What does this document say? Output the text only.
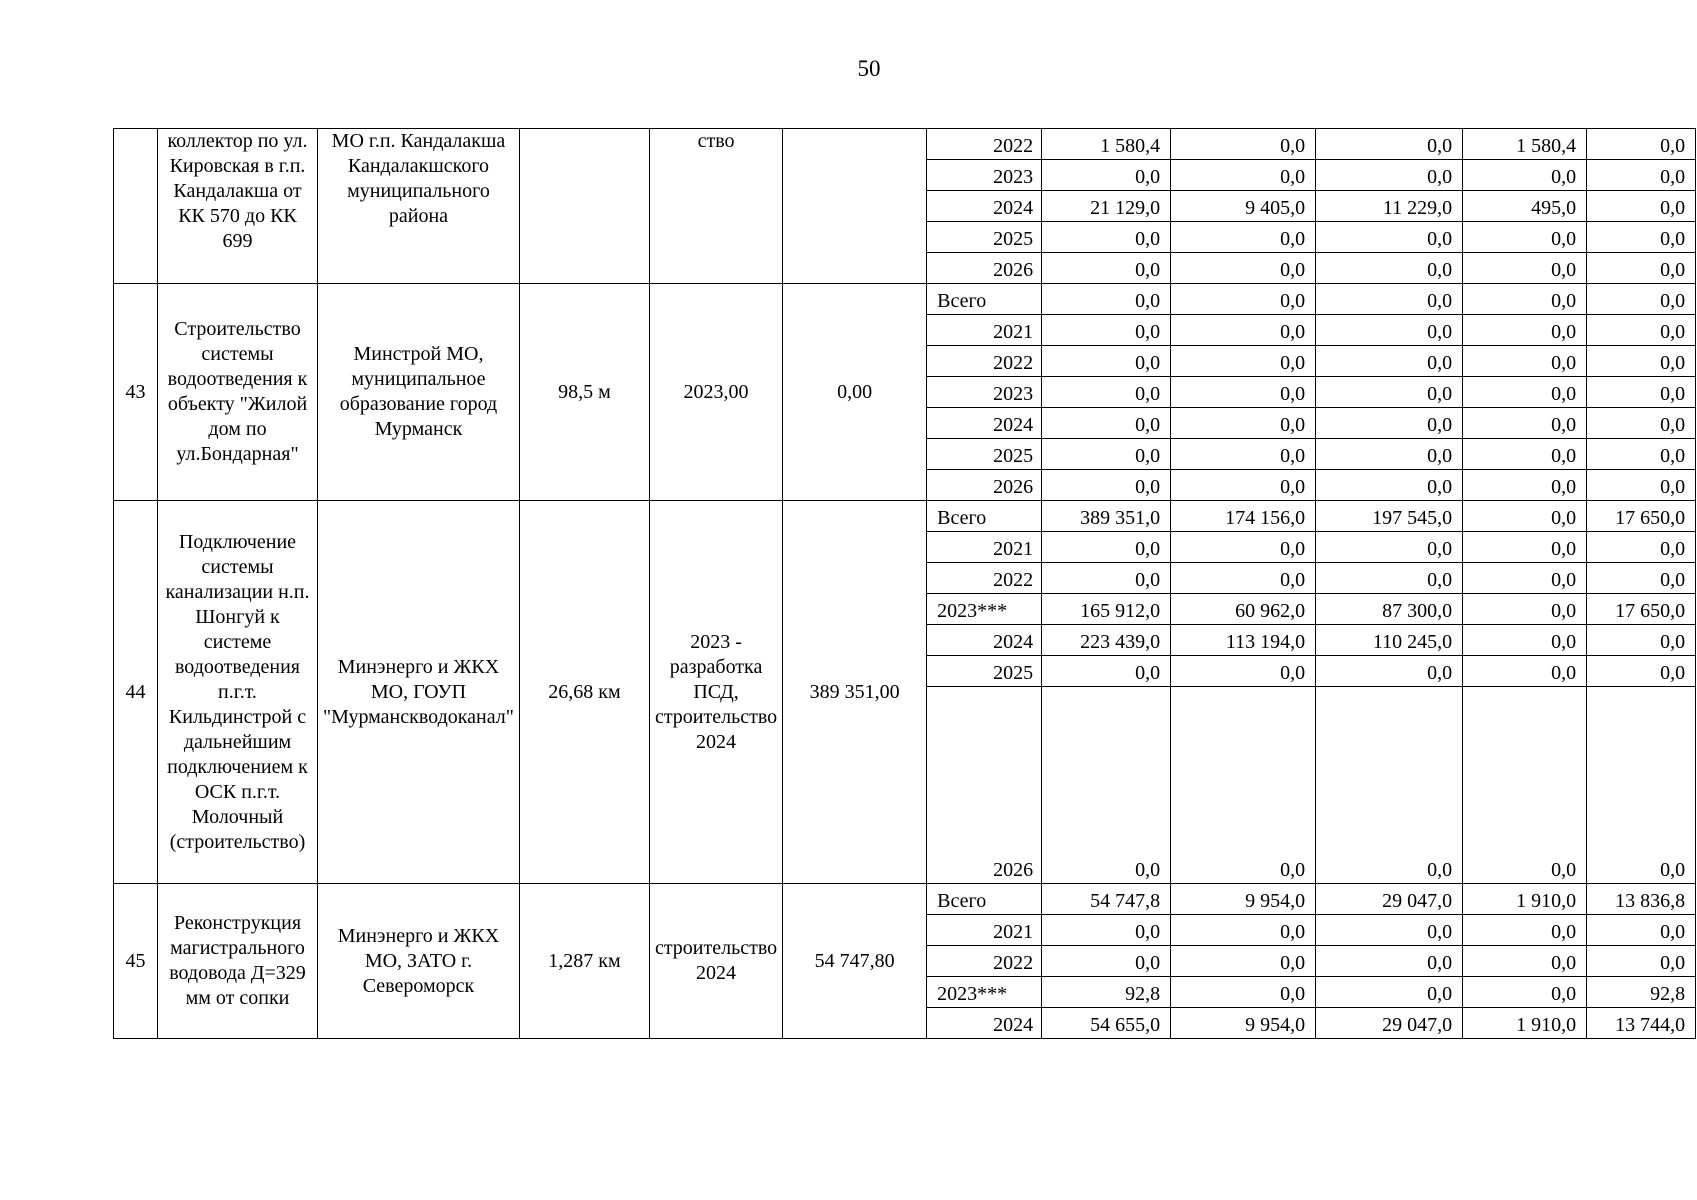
50
	коллектор по ул. Кировская в г.п. Кандалакша от КК 570 до КК 699	МО г.п. Кандалакша Кандалакшского муниципального района		ство		2022	1 580,4	0,0	0,0	1 580,4	0,0
						2023	0,0	0,0	0,0	0,0	0,0
						2024	21 129,0	9 405,0	11 229,0	495,0	0,0
						2025	0,0	0,0	0,0	0,0	0,0
						2026	0,0	0,0	0,0	0,0	0,0
43	Строительство системы водоотведения к объекту "Жилой дом по ул.Бондарная"	Минстрой МО, муниципальное образование город Мурманск	98,5 м	2023,00	0,00	Всего	0,0	0,0	0,0	0,0	0,0
						2021	0,0	0,0	0,0	0,0	0,0
						2022	0,0	0,0	0,0	0,0	0,0
						2023	0,0	0,0	0,0	0,0	0,0
						2024	0,0	0,0	0,0	0,0	0,0
						2025	0,0	0,0	0,0	0,0	0,0
						2026	0,0	0,0	0,0	0,0	0,0
44	Подключение системы канализации н.п. Шонгуй к системе водоотведения п.г.т. Кильдинстрой с дальнейшим подключением к ОСК п.г.т. Молочный (строительство)	Минэнерго и ЖКХ МО, ГОУП "Мурманскводоканал"	26,68 км	2023 - разработка ПСД, строительство 2024	389 351,00	Всего	389 351,0	174 156,0	197 545,0	0,0	17 650,0
						2021	0,0	0,0	0,0	0,0	0,0
						2022	0,0	0,0	0,0	0,0	0,0
						2023***	165 912,0	60 962,0	87 300,0	0,0	17 650,0
						2024	223 439,0	113 194,0	110 245,0	0,0	0,0
						2025	0,0	0,0	0,0	0,0	0,0
						2026	0,0	0,0	0,0	0,0	0,0
45	Реконструкция магистрального водовода Д=329 мм от сопки	Минэнерго и ЖКХ МО, ЗАТО г. Североморск	1,287 км	строительство 2024	54 747,80	Всего	54 747,8	9 954,0	29 047,0	1 910,0	13 836,8
						2021	0,0	0,0	0,0	0,0	0,0
						2022	0,0	0,0	0,0	0,0	0,0
						2023***	92,8	0,0	0,0	0,0	92,8
						2024	54 655,0	9 954,0	29 047,0	1 910,0	13 744,0
